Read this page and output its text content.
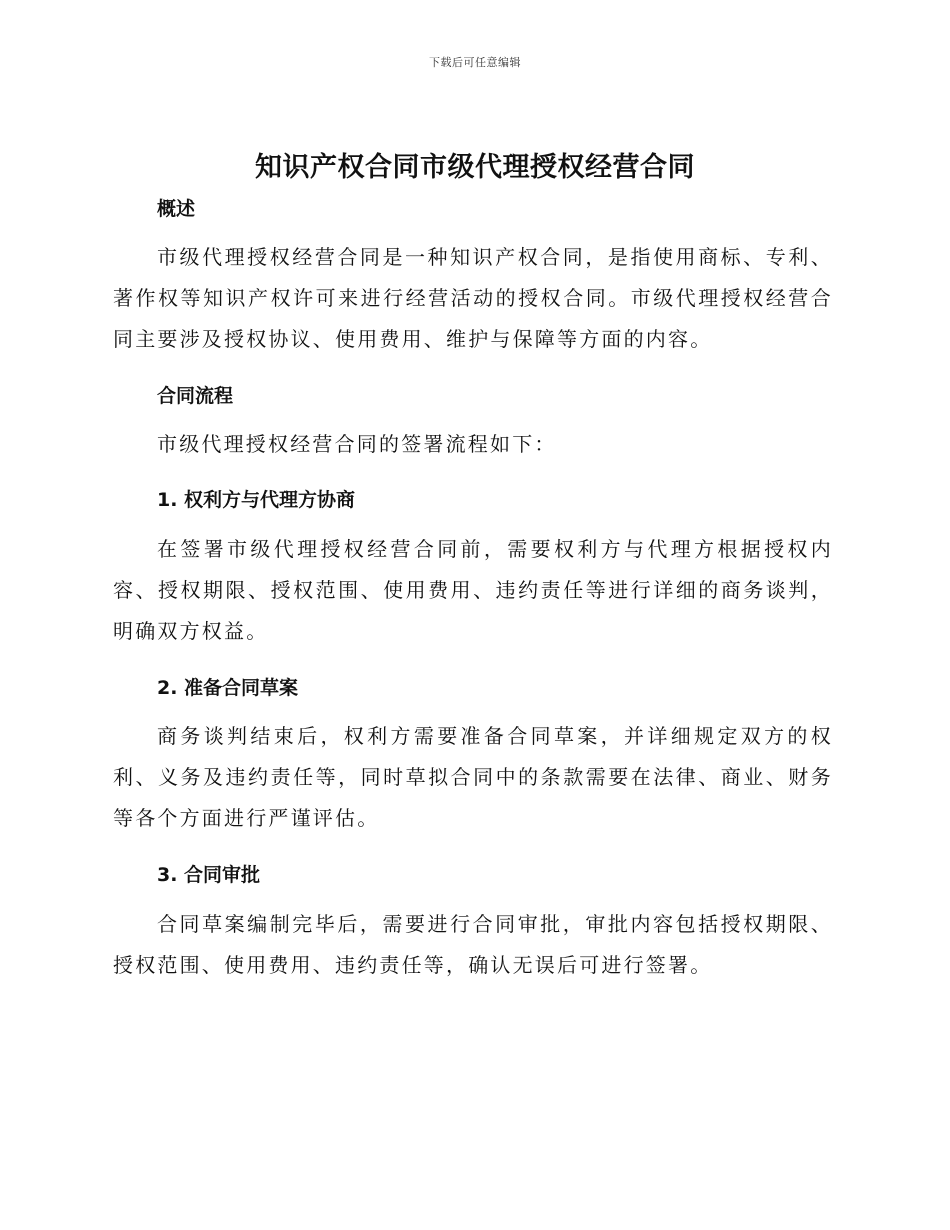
下载后可任意编辑
知识产权合同市级代理授权经营合同
概述

市级代理授权经营合同是一种知识产权合同，是指使用商标、专利、著作权等知识产权许可来进行经营活动的授权合同。市级代理授权经营合同主要涉及授权协议、使用费用、维护与保障等方面的内容。

合同流程

市级代理授权经营合同的签署流程如下：

1. 权利方与代理方协商

在签署市级代理授权经营合同前，需要权利方与代理方根据授权内容、授权期限、授权范围、使用费用、违约责任等进行详细的商务谈判，明确双方权益。

2. 准备合同草案

商务谈判结束后，权利方需要准备合同草案，并详细规定双方的权利、义务及违约责任等，同时草拟合同中的条款需要在法律、商业、财务等各个方面进行严谨评估。

3. 合同审批

合同草案编制完毕后，需要进行合同审批，审批内容包括授权期限、授权范围、使用费用、违约责任等，确认无误后可进行签署。
